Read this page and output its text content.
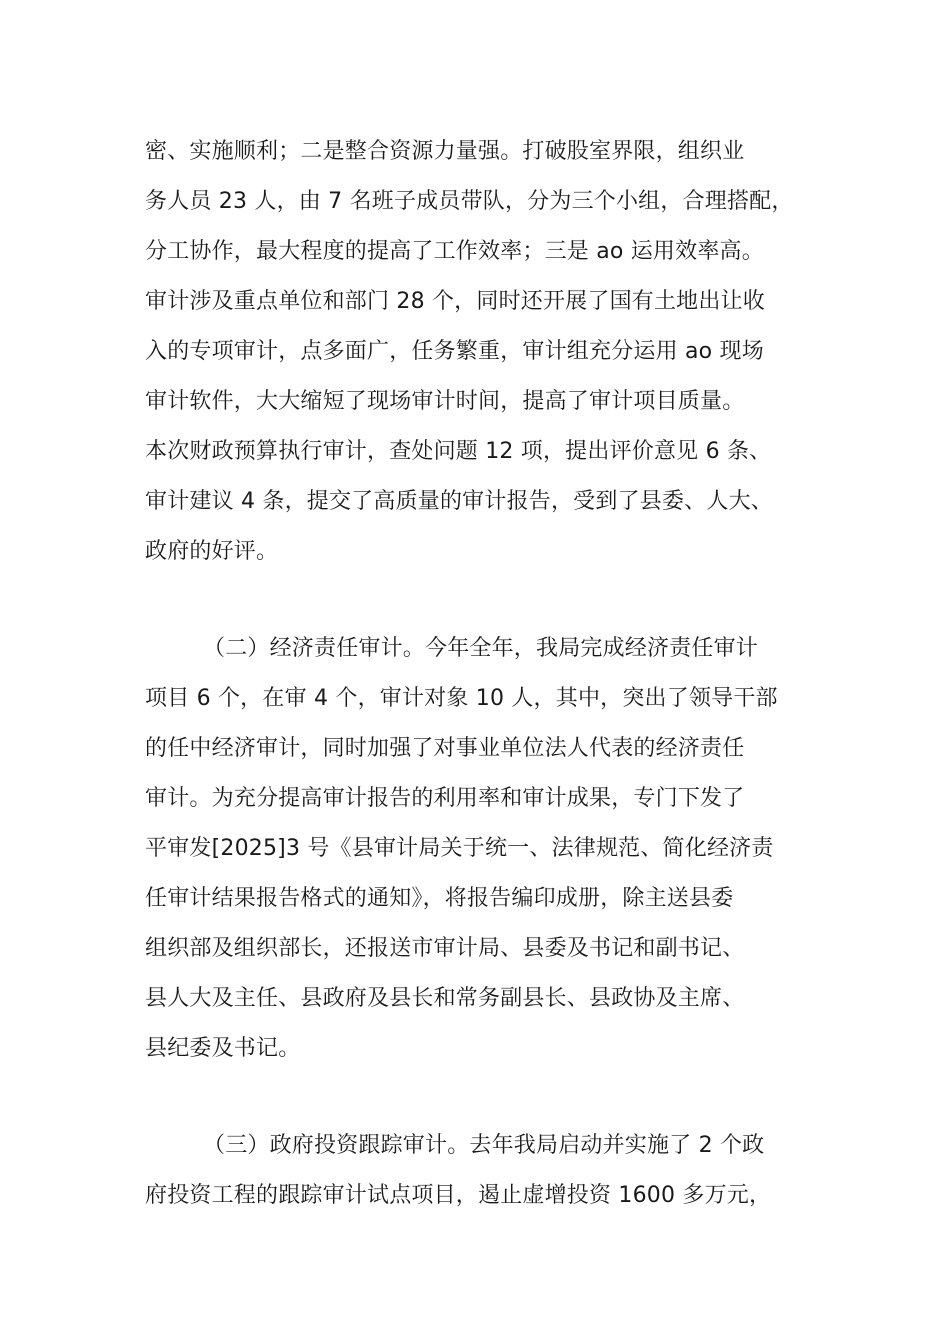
密、实施顺利；二是整合资源力量强。打破股室界限，组织业
务人员 23 人，由 7 名班子成员带队，分为三个小组，合理搭配，
分工协作，最大程度的提高了工作效率；三是 ao 运用效率高。
审计涉及重点单位和部门 28 个，同时还开展了国有土地出让收
入的专项审计，点多面广，任务繁重，审计组充分运用 ao 现场
审计软件，大大缩短了现场审计时间，提高了审计项目质量。
本次财政预算执行审计，查处问题 12 项，提出评价意见 6 条、
审计建议 4 条，提交了高质量的审计报告，受到了县委、人大、
政府的好评。
（二）经济责任审计。今年全年，我局完成经济责任审计
项目 6 个，在审 4 个，审计对象 10 人，其中，突出了领导干部
的任中经济审计，同时加强了对事业单位法人代表的经济责任
审计。为充分提高审计报告的利用率和审计成果，专门下发了
平审发[2025]3 号《县审计局关于统一、法律规范、简化经济责
任审计结果报告格式的通知》，将报告编印成册，除主送县委
组织部及组织部长，还报送市审计局、县委及书记和副书记、
县人大及主任、县政府及县长和常务副县长、县政协及主席、
县纪委及书记。
（三）政府投资跟踪审计。去年我局启动并实施了 2 个政
府投资工程的跟踪审计试点项目，遏止虚增投资 1600 多万元，
